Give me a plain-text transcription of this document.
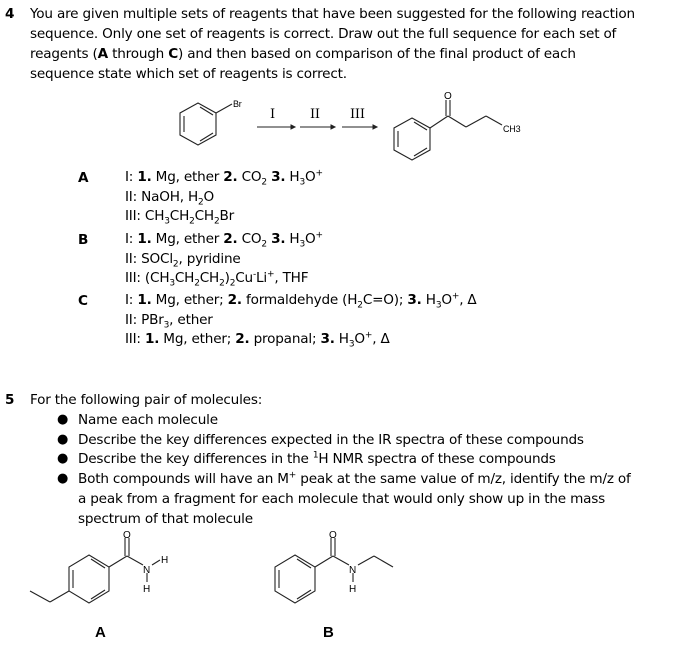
4 You are given multiple sets of reagents that have been suggested for the following reaction
sequence. Only one set of reagents is correct. Draw out the full sequence for each set of
reagents (A through C) and then based on comparison of the final product of each
sequence state which set of reagents is correct.
Br
I	II III
O
CH3
A	I: 1. Mg, ether 2. $CO_2$ 3. $H_3O^+$
II: NaOH, $H_2O$
III: $CH_3CH_2CH_2Br$
B	I: 1. Mg, ether 2. $CO_2$ 3. $H_3O^+$
II: SOCl$_2$, pyridine
III: $(CH_3CH_2CH_2)_2Cu^-Li^+$, THF
C	I: 1. Mg, ether; 2. formaldehyde $(H_2C=O)$; 3. $H_3O^+$, Δ
II: PBr$_3$, ether
III: 1. Mg, ether; 2. propanal; 3. $H_3O^+$, Δ
5 For the following pair of molecules:
● Name each molecule
● Describe the key differences expected in the IR spectra of these compounds
● Describe the key differences in the $^1$H NMR spectra of these compounds
● Both compounds will have an M+ peak at the same value of m/z, identify the m/z of
a peak from a fragment for each molecule that would only show up in the mass
spectrum of that molecule
O
N
H
H
O
N
H
A	B
